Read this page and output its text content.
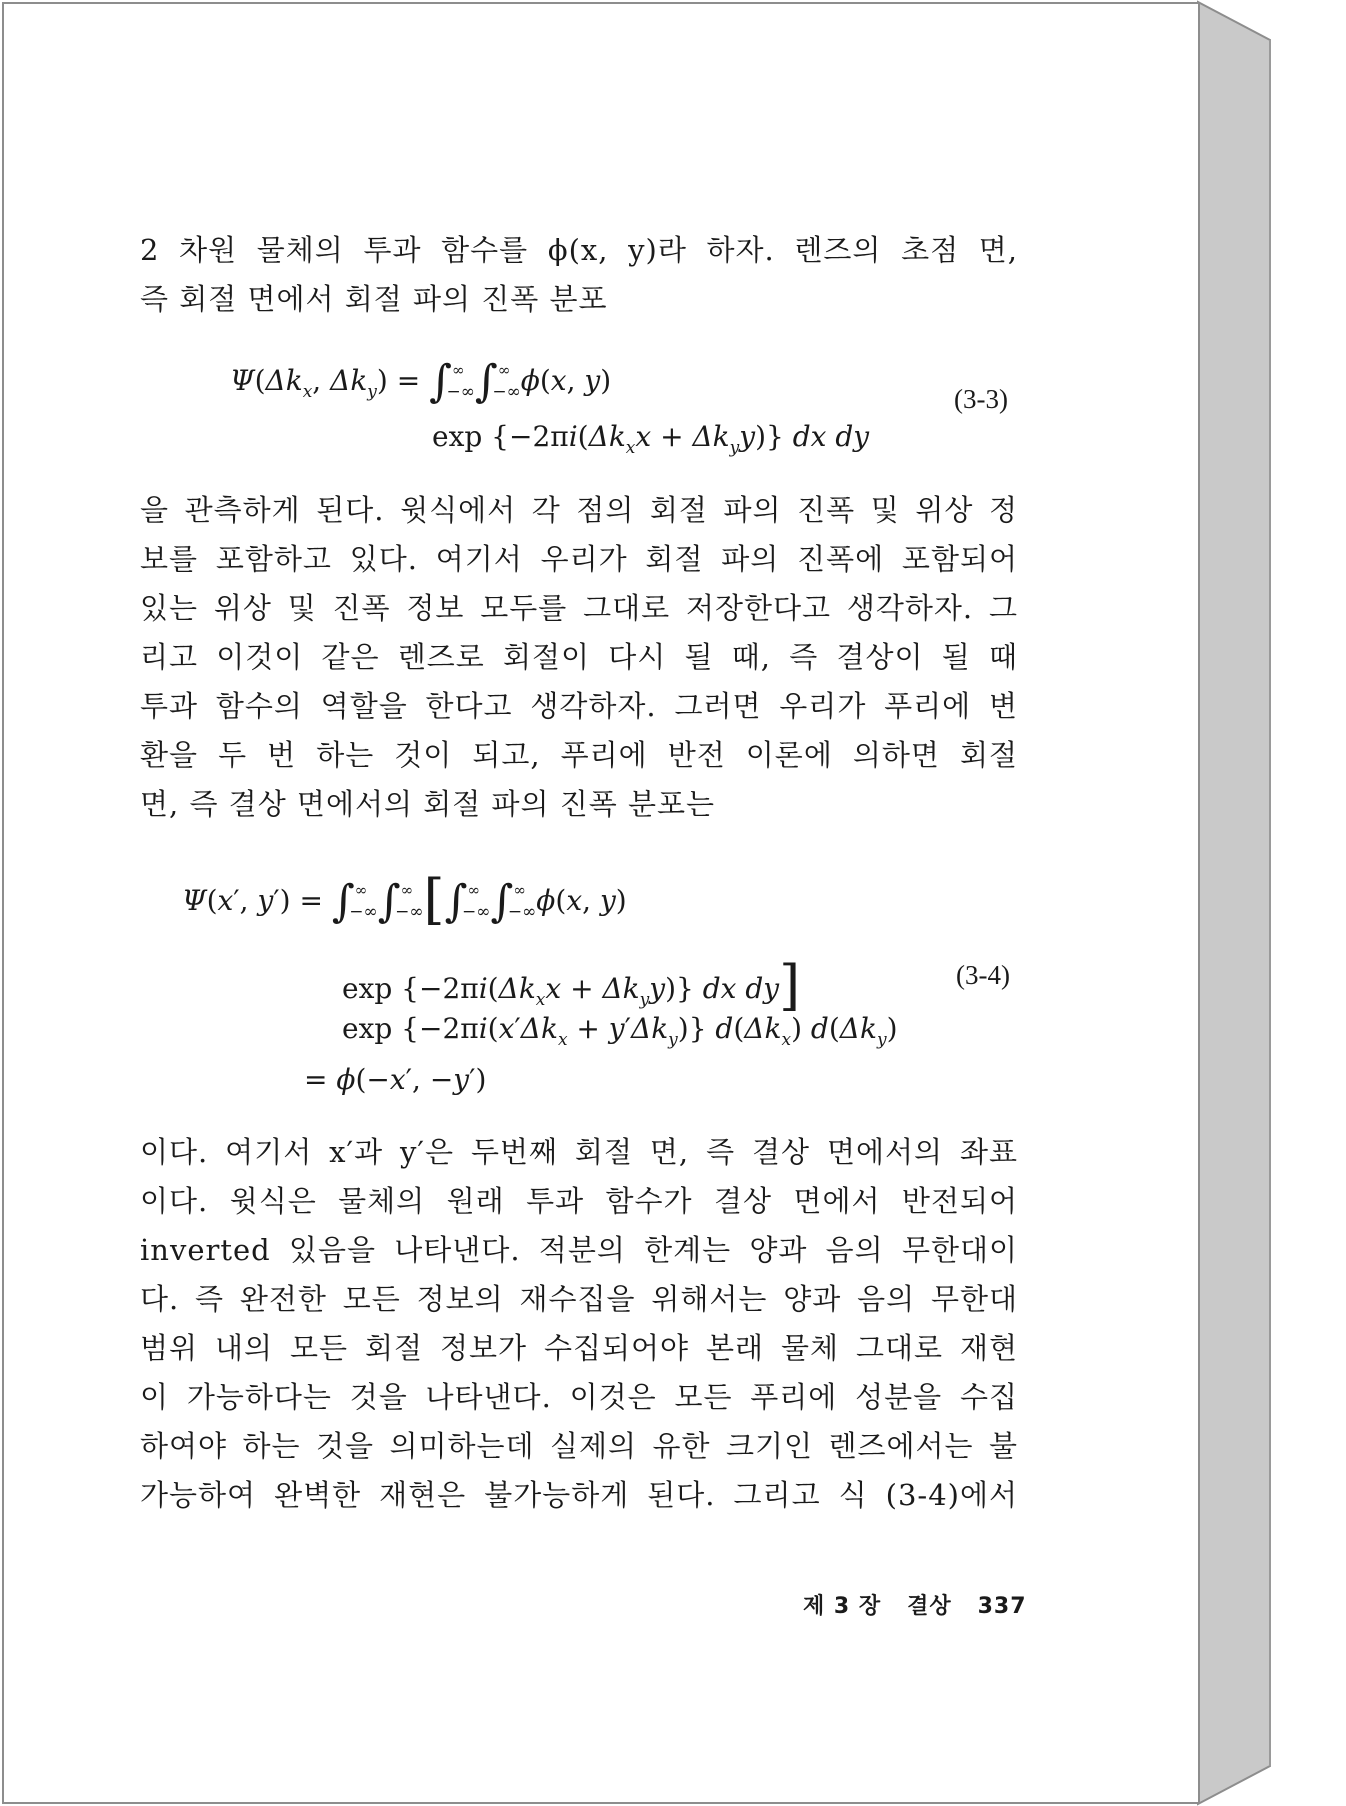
2 차원 물체의 투과 함수를 ϕ(x, y)라 하자. 렌즈의 초점 면,
즉 회절 면에서 회절 파의 진폭 분포
$\Psi(\Delta k_x$, $\Delta k_y) = \int^\infty_{-\infty}\int^\infty_{-\infty}\phi(x$, y)
$\exp \{-2\pi i(\Delta k_xx + \Delta k_yy)\}$ dx dy
(3-3)
을 관측하게 된다. 윗식에서 각 점의 회절 파의 진폭 및 위상 정
보를 포함하고 있다. 여기서 우리가 회절 파의 진폭에 포함되어
있는 위상 및 진폭 정보 모두를 그대로 저장한다고 생각하자. 그
리고 이것이 같은 렌즈로 회절이 다시 될 때, 즉 결상이 될 때
투과 함수의 역할을 한다고 생각하자. 그러면 우리가 푸리에 변
환을 두 번 하는 것이 되고, 푸리에 반전 이론에 의하면 회절
면, 즉 결상 면에서의 회절 파의 진폭 분포는
Ψ(x′, $y') = \int^\infty_{-\infty}\int^\infty_{-\infty}[\int^\infty_{-\infty}\int^\infty_{-\infty}\phi(x$, y)
$\exp \{-2\pi i(\Delta k_xx + \Delta k_yy)\}$ dx dy]
$\exp \{-2\pi i(x'\Delta k_x + y'\Delta k_y)\}$ $d(\Delta k_x)$ $d(\Delta k_y)$
= ϕ(−x′, −y′)
(3-4)
이다. 여기서 x′과 y′은 두번째 회절 면, 즉 결상 면에서의 좌표
이다. 윗식은 물체의 원래 투과 함수가 결상 면에서 반전되어
inverted 있음을 나타낸다. 적분의 한계는 양과 음의 무한대이
다. 즉 완전한 모든 정보의 재수집을 위해서는 양과 음의 무한대
범위 내의 모든 회절 정보가 수집되어야 본래 물체 그대로 재현
이 가능하다는 것을 나타낸다. 이것은 모든 푸리에 성분을 수집
하여야 하는 것을 의미하는데 실제의 유한 크기인 렌즈에서는 불
가능하여 완벽한 재현은 불가능하게 된다. 그리고 식 (3-4)에서
제 3 장 결상 337
